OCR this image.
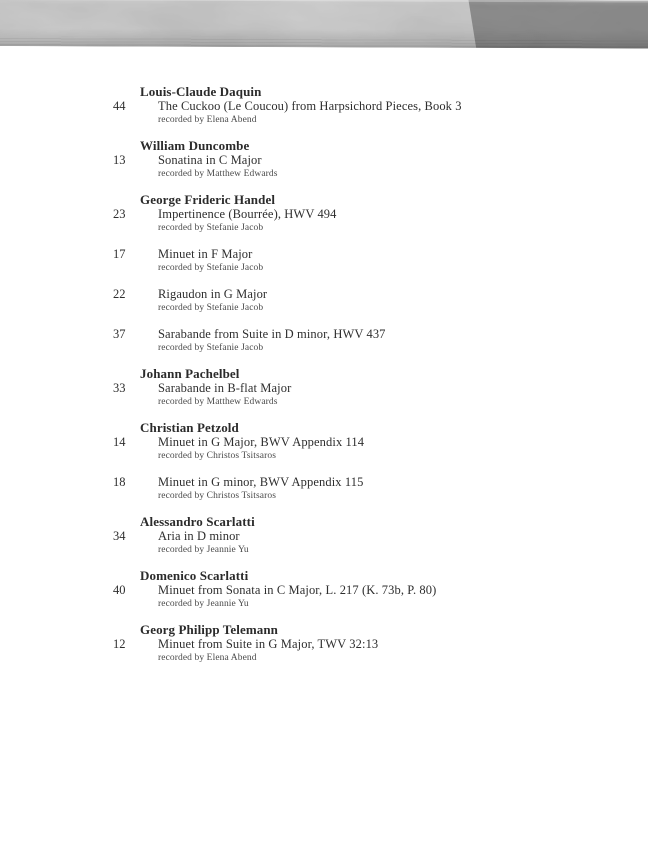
Louis-Claude Daquin
44	The Cuckoo (Le Coucou) from Harpsichord Pieces, Book 3
recorded by Elena Abend
William Duncombe
13	Sonatina in C Major
recorded by Matthew Edwards
George Frideric Handel
23	Impertinence (Bourrée), HWV 494
recorded by Stefanie Jacob
17	Minuet in F Major
recorded by Stefanie Jacob
22	Rigaudon in G Major
recorded by Stefanie Jacob
37	Sarabande from Suite in D minor, HWV 437
recorded by Stefanie Jacob
Johann Pachelbel
33	Sarabande in B-flat Major
recorded by Matthew Edwards
Christian Petzold
14	Minuet in G Major, BWV Appendix 114
recorded by Christos Tsitsaros
18	Minuet in G minor, BWV Appendix 115
recorded by Christos Tsitsaros
Alessandro Scarlatti
34	Aria in D minor
recorded by Jeannie Yu
Domenico Scarlatti
40	Minuet from Sonata in C Major, L. 217 (K. 73b, P. 80)
recorded by Jeannie Yu
Georg Philipp Telemann
12	Minuet from Suite in G Major, TWV 32:13
recorded by Elena Abend
